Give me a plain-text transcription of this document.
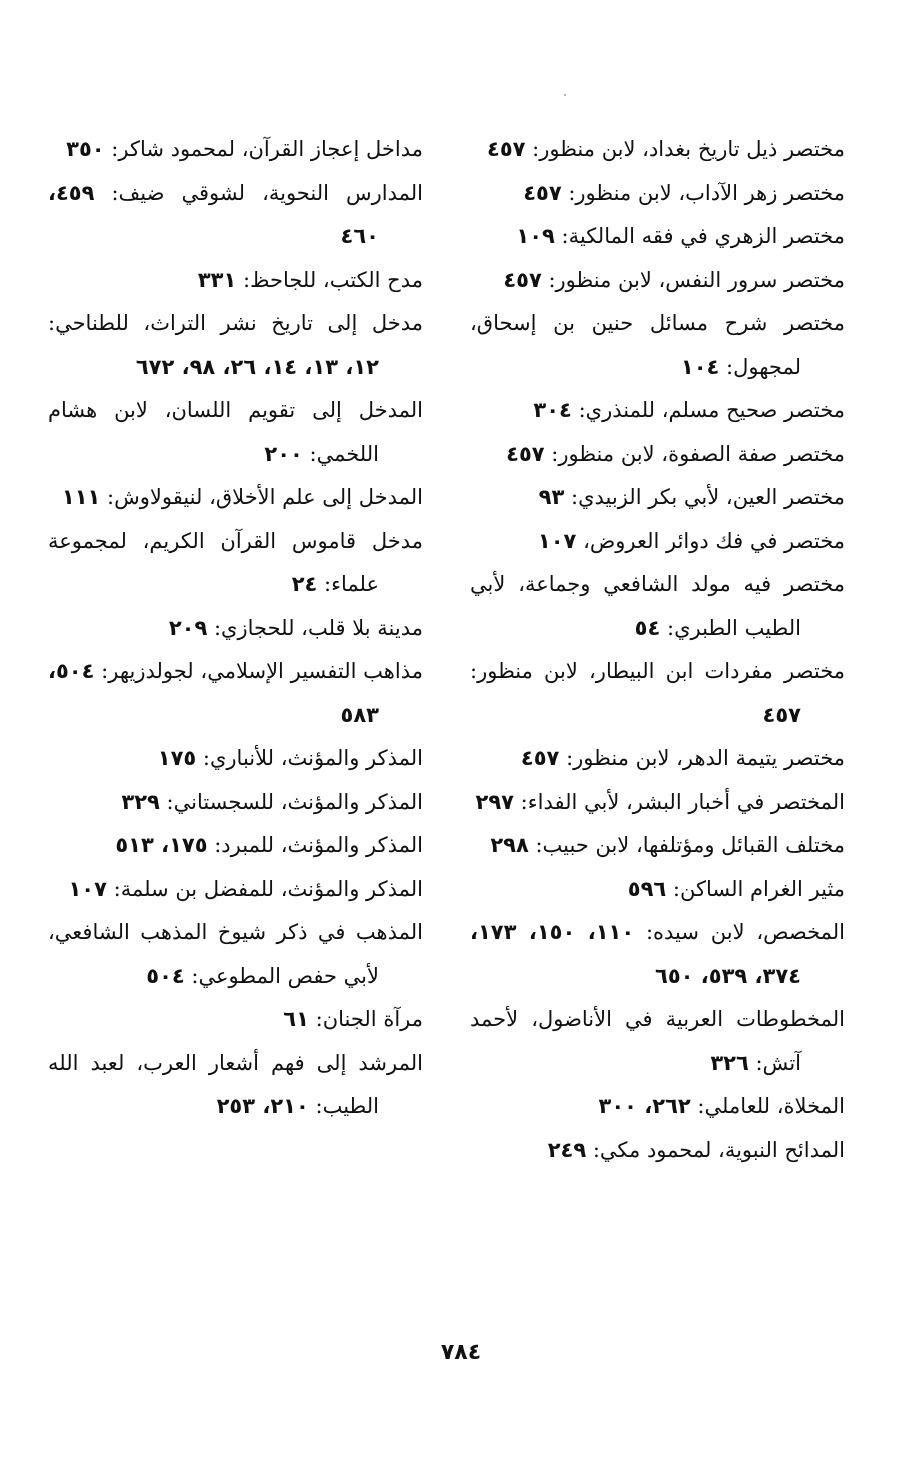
مختصر ذيل تاريخ بغداد، لابن منظور: ٤٥٧

مختصر زهر الآداب، لابن منظور: ٤٥٧

مختصر الزهري في فقه المالكية: ١٠٩

مختصر سرور النفس، لابن منظور: ٤٥٧

مختصر شرح مسائل حنين بن إسحاق، لمجهول: ١٠٤

مختصر صحيح مسلم، للمنذري: ٣٠٤

مختصر صفة الصفوة، لابن منظور: ٤٥٧

مختصر العين، لأبي بكر الزبيدي: ٩٣

مختصر في فك دوائر العروض، ١٠٧

مختصر فيه مولد الشافعي وجماعة، لأبي الطيب الطبري: ٥٤

مختصر مفردات ابن البيطار، لابن منظور: ٤٥٧

مختصر يتيمة الدهر، لابن منظور: ٤٥٧

المختصر في أخبار البشر، لأبي الفداء: ٢٩٧

مختلف القبائل ومؤتلفها، لابن حبيب: ٢٩٨

مثير الغرام الساكن: ٥٩٦

المخصص، لابن سيده: ١١٠، ١٥٠، ١٧٣، ٣٧٤، ٥٣٩، ٦٥٠

المخطوطات العربية في الأناضول، لأحمد آتش: ٣٢٦

المخلاة، للعاملي: ٢٦٢، ٣٠٠

المدائح النبوية، لمحمود مكي: ٢٤٩

مداخل إعجاز القرآن، لمحمود شاكر: ٣٥٠

المدارس النحوية، لشوقي ضيف: ٤٥٩، ٤٦٠

مدح الكتب، للجاحظ: ٣٣١

مدخل إلى تاريخ نشر التراث، للطناحي: ١٢، ١٣، ١٤، ٢٦، ٩٨، ٦٧٢

المدخل إلى تقويم اللسان، لابن هشام اللخمي: ٢٠٠

المدخل إلى علم الأخلاق، لنيقولاوش: ١١١

مدخل قاموس القرآن الكريم، لمجموعة علماء: ٢٤

مدينة بلا قلب، للحجازي: ٢٠٩

مذاهب التفسير الإسلامي، لجولدزيهر: ٥٠٤، ٥٨٣

المذكر والمؤنث، للأنباري: ١٧٥

المذكر والمؤنث، للسجستاني: ٣٢٩

المذكر والمؤنث، للمبرد: ١٧٥، ٥١٣

المذكر والمؤنث، للمفضل بن سلمة: ١٠٧

المذهب في ذكر شيوخ المذهب الشافعي، لأبي حفص المطوعي: ٥٠٤

مرآة الجنان: ٦١

المرشد إلى فهم أشعار العرب، لعبد الله الطيب: ٢١٠، ٢٥٣

٧٨٤
